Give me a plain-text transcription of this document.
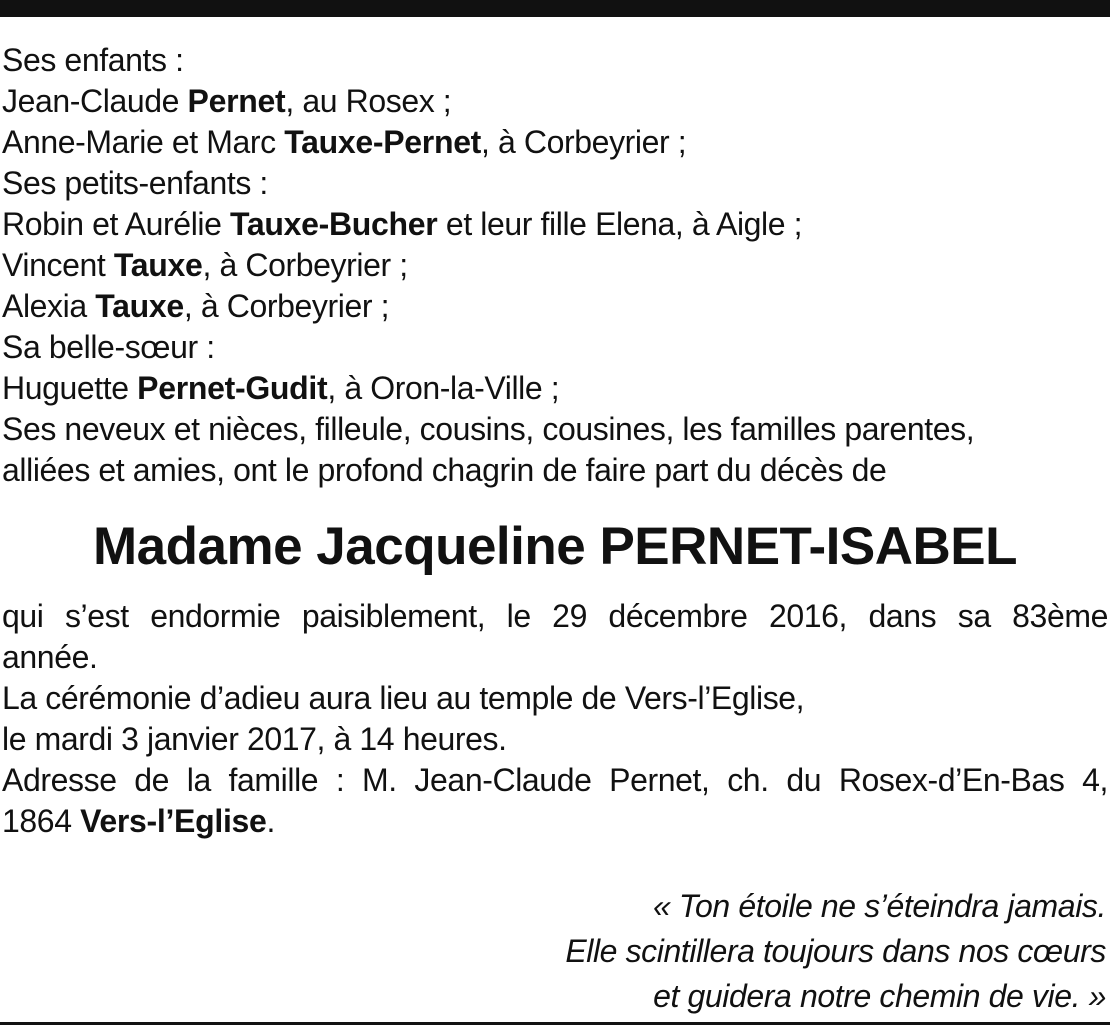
Ses enfants :
Jean-Claude Pernet, au Rosex ;
Anne-Marie et Marc Tauxe-Pernet, à Corbeyrier ;
Ses petits-enfants :
Robin et Aurélie Tauxe-Bucher et leur fille Elena, à Aigle ;
Vincent Tauxe, à Corbeyrier ;
Alexia Tauxe, à Corbeyrier ;
Sa belle-sœur :
Huguette Pernet-Gudit, à Oron-la-Ville ;
Ses neveux et nièces, filleule, cousins, cousines, les familles parentes,
alliées et amies, ont le profond chagrin de faire part du décès de
Madame Jacqueline PERNET-ISABEL
qui s’est endormie paisiblement, le 29 décembre 2016, dans sa 83ème
année.
La cérémonie d’adieu aura lieu au temple de Vers-l’Eglise,
le mardi 3 janvier 2017, à 14 heures.
Adresse de la famille : M. Jean-Claude Pernet, ch. du Rosex-d’En-Bas 4,
1864 Vers-l’Eglise.
« Ton étoile ne s’éteindra jamais.
Elle scintillera toujours dans nos cœurs
et guidera notre chemin de vie. »
